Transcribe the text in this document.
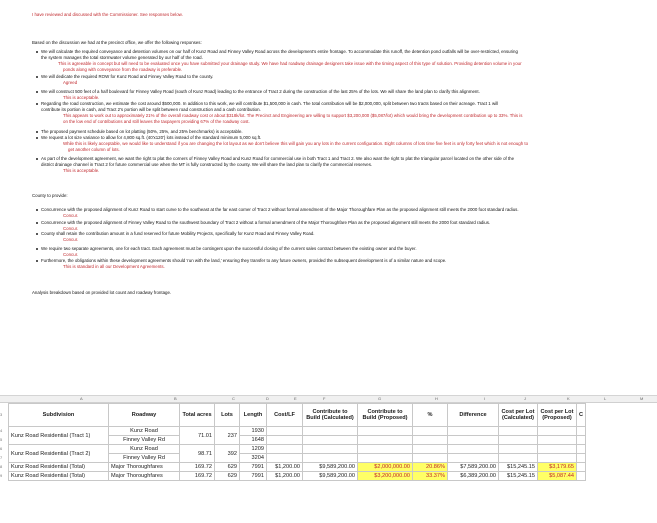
I have reviewed and discussed with the Commissioner. See responses below.
Based on the discussion we had at the precinct office, we offer the following responses:
We will calculate the required conveyance and detention volumes on our half of Kunz Road and Finney Valley Road across the development's entire frontage. To accommodate this runoff, the detention pond outfalls will be over-restricted, ensuring
the system manages the total stormwater volume generated by our half of the road.
This is agreeable in concept but will need to be evaluated once you have submitted your drainage study. We have had roadway drainage designers take issue with the timing aspect of this type of solution. Providing detention volume in your
ponds along with conveyance from the roadway is preferable.
We will dedicate the required ROW for Kunz Road and Finney Valley Road to the county.
Agreed
We will construct 500 feet of a half boulevard for Finney Valley Road (south of Kunz Road) leading to the entrance of Tract 2 during the construction of the last 25% of the lots. We will share the land plan to clarify this alignment.
This is acceptable.
Regarding the road construction, we estimate the cost around $500,000. In addition to this work, we will contribute $1,500,000 in cash. The total contribution will be $2,000,000, split between two tracts based on their acreage. Tract 1 will
contribute its portion in cash, and Tract 2's portion will be split between road construction and a cash contribution.
This appears to work out to approximately 21% of the overall roadway cost or about $318k/lot. The Precinct and Engineering are willing to support $3,200,000 ($5,087/lot) which would bring the development contribution up to 33%. This is
on the low end of contributions and still leaves the taxpayers providing 67% of the roadway cost.
The proposed payment schedule based on lot platting (50%, 25%, and 25% benchmarks) is acceptable.
We request a lot size variance to allow for 4,800 sq.ft. (40'x120') lots instead of the standard minimum 5,000 sq.ft.
While this is likely acceptable, we would like to understand if you are changing the lot layout as we don't believe this will gain you any lots in the current configuration. Eight columns of lots time five feet is only forty feet which is not enough to
get another column of lots.
As part of the development agreement, we want the right to plat the corners of Finney Valley Road and Kunz Road for commercial use in both Tract 1 and Tract 2. We also want the right to plat the triangular parcel located on the other side of the
district drainage channel in Tract 2 for future commercial use when the MT is fully constructed by the county. We will share the land plan to clarify the commercial reserves.
This is acceptable.
County to provide:
Concurrence with the proposed alignment of Kunz Road to start curve to the southeast at the far east corner of Tract 2 without formal amendment of the Major Thoroughfare Plan as the proposed alignment still meets the 2000 foot standard radius.
Concur.
Concurrence with the proposed alignment of Finney Valley Road to the southwest boundary of Tract 2 without a formal amendment of the Major Thoroughfare Plan as the proposed alignment still meets the 2000 foot standard radius.
Concur.
County shall retain the contribution amount in a fund reserved for future Mobility Projects, specifically for Kunz Road and Finney Valley Road.
Concur.
We require two separate agreements, one for each tract. Each agreement must be contingent upon the successful closing of the current sales contract between the existing owner and the buyer.
Concur.
Furthermore, the obligations within these development agreements should 'run with the land,' ensuring they transfer to any future owners, provided the subsequent development is of a similar nature and scope.
This is standard in all our Development Agreements.
Analysis breakdown based on provided lot count and roadway frontage.
A	B	C	D	E	F	G	H	I	J	K	L	M
3
4
5
6
7
8
9
Subdivision	Roadway	Total acres	Lots	Length	Cost/LF	Contribute to Build (Calculated)	Contribute to Build (Proposed)	%	Difference	Cost per Lot (Calculated)	Cost per Lot (Proposed)	C
Kunz Road Residential (Tract 1)	Kunz Road	71.01	237	1930								
	Finney Valley Rd			1648								
Kunz Road Residential (Tract 2)	Kunz Road	98.71	392	1209								
	Finney Valley Rd			3204								
Kunz Road Residential (Total)	Major Thoroughfares	169.72	629	7991	$1,200.00	$9,589,200.00	$2,000,000.00	20.86%	$7,589,200.00	$15,245.15	$3,179.65	
Kunz Road Residential (Total)	Major Thoroughfares	169.72	629	7991	$1,200.00	$9,589,200.00	$3,200,000.00	33.37%	$6,389,200.00	$15,245.15	$5,087.44	
